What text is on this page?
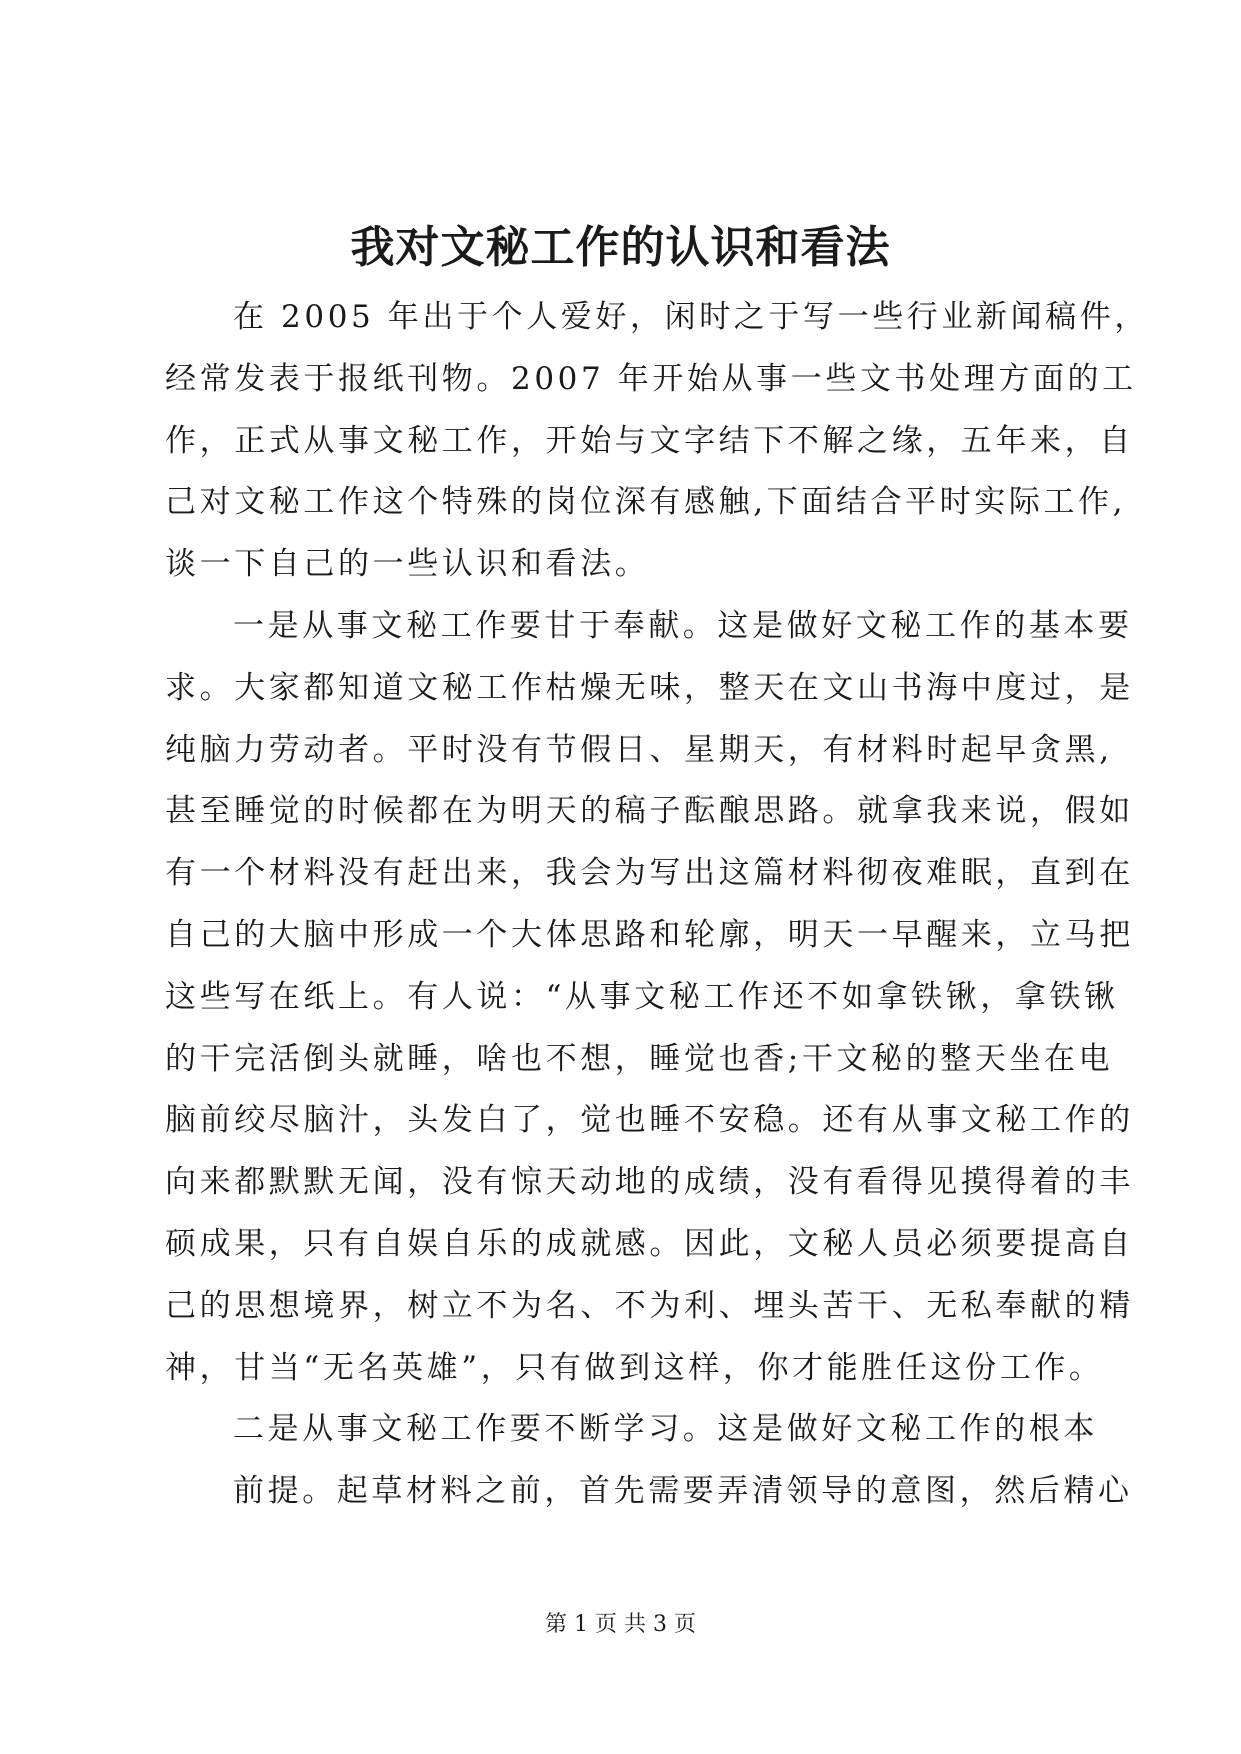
我对文秘工作的认识和看法
在 2005 年出于个人爱好，闲时之于写一些行业新闻稿件，
经常发表于报纸刊物。2007 年开始从事一些文书处理方面的工
作，正式从事文秘工作，开始与文字结下不解之缘，五年来，自
己对文秘工作这个特殊的岗位深有感触,下面结合平时实际工作,
谈一下自己的一些认识和看法。
一是从事文秘工作要甘于奉献。这是做好文秘工作的基本要
求。大家都知道文秘工作枯燥无味，整天在文山书海中度过，是
纯脑力劳动者。平时没有节假日、星期天，有材料时起早贪黑,
甚至睡觉的时候都在为明天的稿子酝酿思路。就拿我来说，假如
有一个材料没有赶出来，我会为写出这篇材料彻夜难眠，直到在
自己的大脑中形成一个大体思路和轮廓，明天一早醒来，立马把
这些写在纸上。有人说：“从事文秘工作还不如拿铁锹，拿铁锹
的干完活倒头就睡，啥也不想，睡觉也香;干文秘的整天坐在电
脑前绞尽脑汁，头发白了，觉也睡不安稳。还有从事文秘工作的
向来都默默无闻，没有惊天动地的成绩，没有看得见摸得着的丰
硕成果，只有自娱自乐的成就感。因此，文秘人员必须要提高自
己的思想境界，树立不为名、不为利、埋头苦干、无私奉献的精
神，甘当“无名英雄”，只有做到这样，你才能胜任这份工作。
二是从事文秘工作要不断学习。这是做好文秘工作的根本
前提。起草材料之前，首先需要弄清领导的意图，然后精心
第 1 页 共 3 页
